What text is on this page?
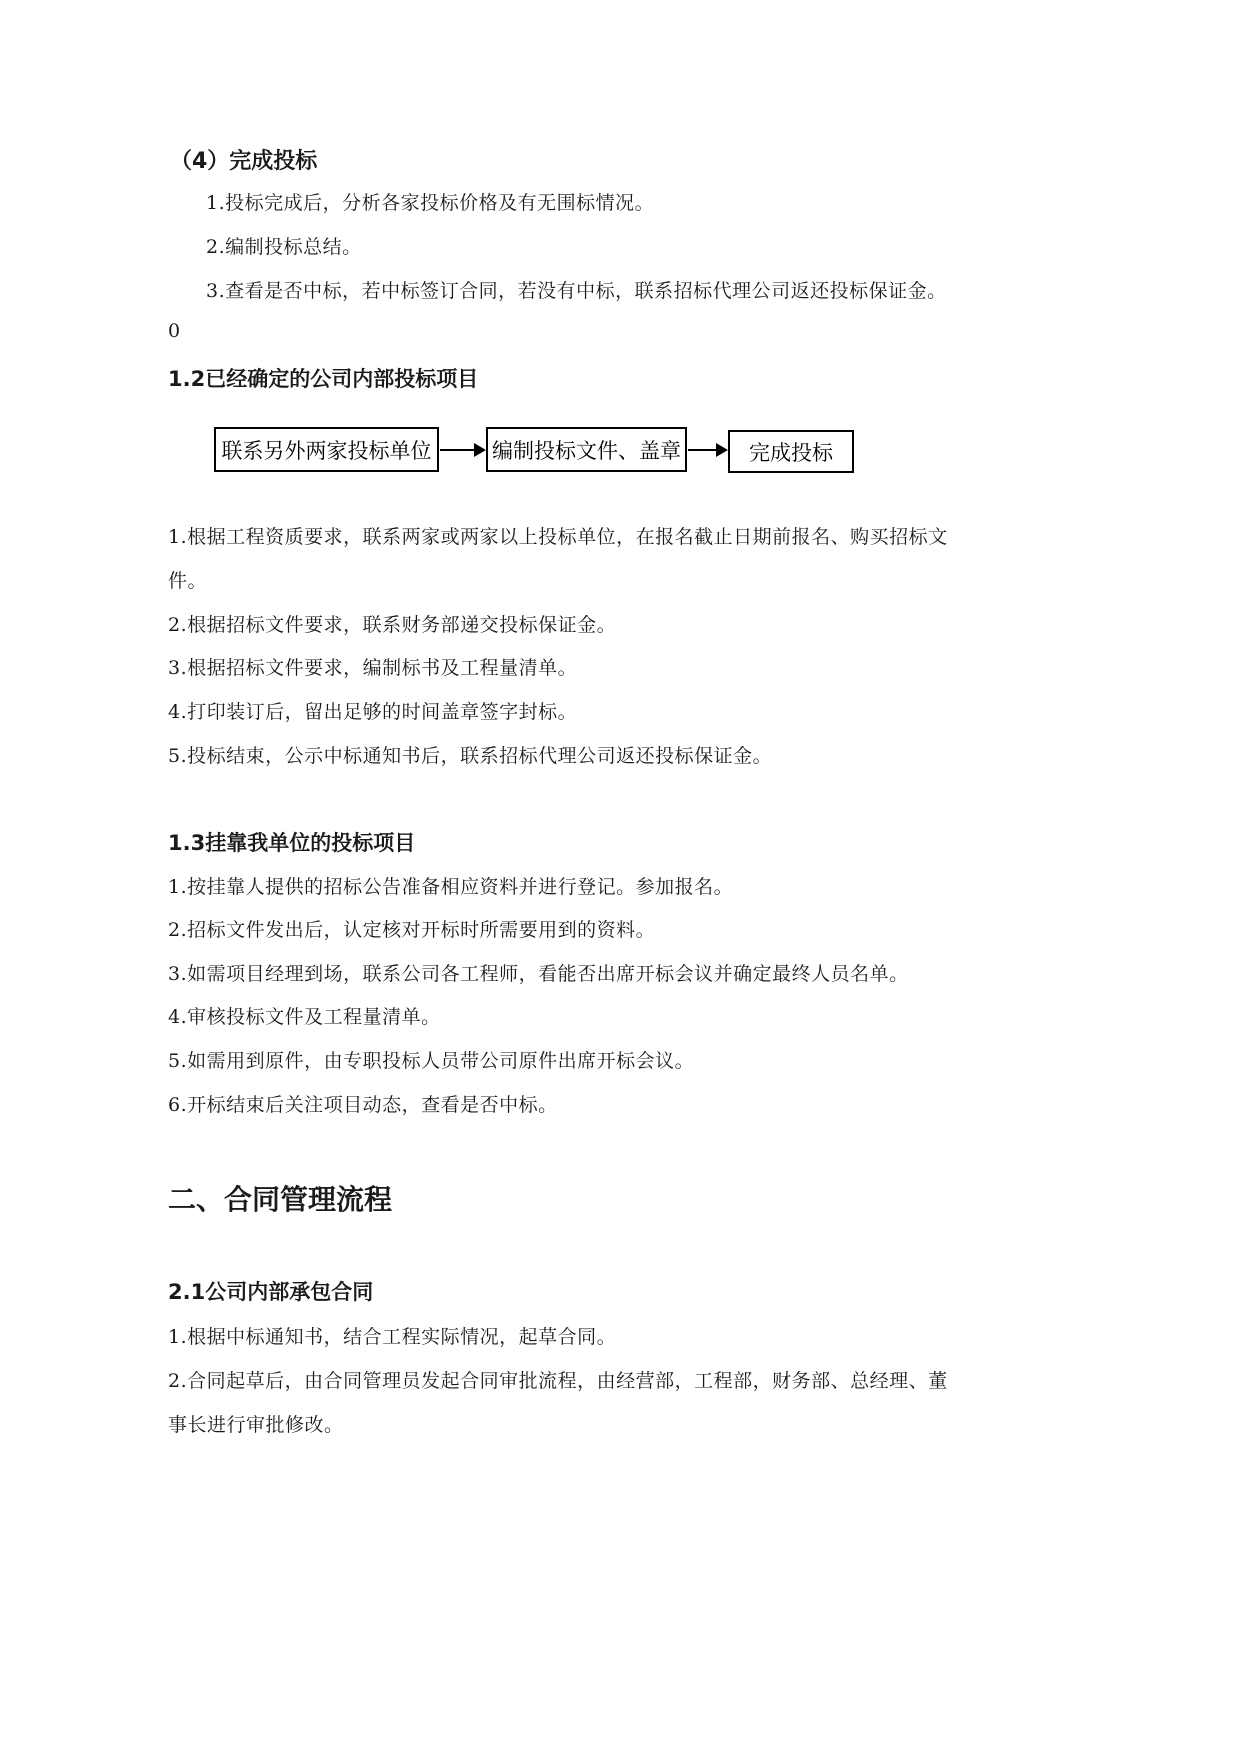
（4）完成投标
1.投标完成后，分析各家投标价格及有无围标情况。
2.编制投标总结。
3.查看是否中标，若中标签订合同，若没有中标，联系招标代理公司返还投标保证金。
0
1.2已经确定的公司内部投标项目
联系另外两家投标单位	编制投标文件、盖章	完成投标
1.根据工程资质要求，联系两家或两家以上投标单位，在报名截止日期前报名、购买招标文
件。
2.根据招标文件要求，联系财务部递交投标保证金。
3.根据招标文件要求，编制标书及工程量清单。
4.打印装订后，留出足够的时间盖章签字封标。
5.投标结束，公示中标通知书后，联系招标代理公司返还投标保证金。
1.3挂靠我单位的投标项目
1.按挂靠人提供的招标公告准备相应资料并进行登记。参加报名。
2.招标文件发出后，认定核对开标时所需要用到的资料。
3.如需项目经理到场，联系公司各工程师，看能否出席开标会议并确定最终人员名单。
4.审核投标文件及工程量清单。
5.如需用到原件，由专职投标人员带公司原件出席开标会议。
6.开标结束后关注项目动态，查看是否中标。
二、合同管理流程
2.1公司内部承包合同
1.根据中标通知书，结合工程实际情况，起草合同。
2.合同起草后，由合同管理员发起合同审批流程，由经营部，工程部，财务部、总经理、董
事长进行审批修改。
